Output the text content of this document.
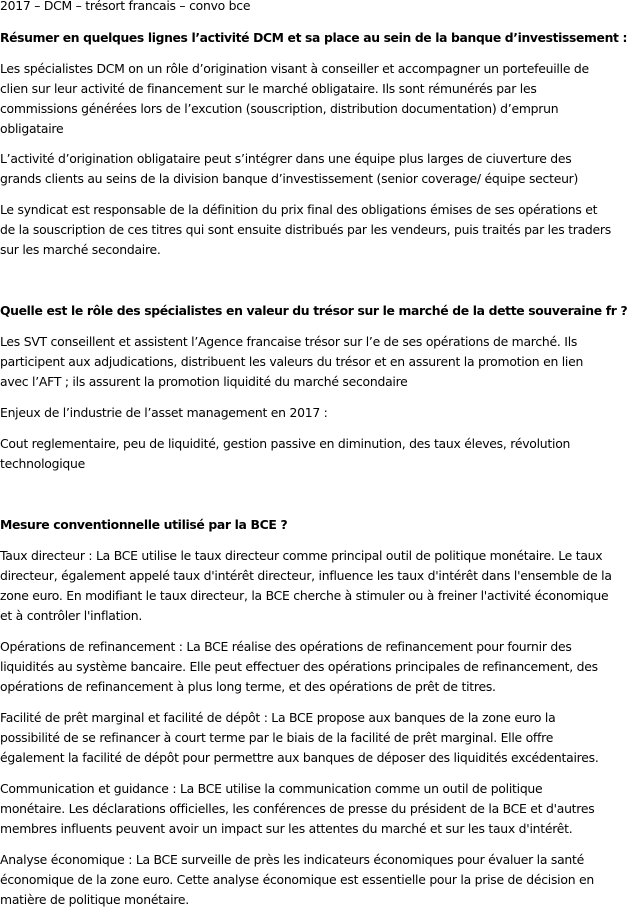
2017 – DCM – trésort francais – convo bce
Résumer en quelques lignes l’activité DCM et sa place au sein de la banque d’investissement :
Les spécialistes DCM on un rôle d’origination visant à conseiller et accompagner un portefeuille de
clien sur leur activité de financement sur le marché obligataire. Ils sont rémunérés par les
commissions générées lors de l’excution (souscription, distribution documentation) d’emprun
obligataire
L’activité d’origination obligataire peut s’intégrer dans une équipe plus larges de ciuverture des
grands clients au seins de la division banque d’investissement (senior coverage/ équipe secteur)
Le syndicat est responsable de la définition du prix final des obligations émises de ses opérations et
de la souscription de ces titres qui sont ensuite distribués par les vendeurs, puis traités par les traders
sur les marché secondaire.
Quelle est le rôle des spécialistes en valeur du trésor sur le marché de la dette souveraine fr ?
Les SVT conseillent et assistent l’Agence francaise trésor sur l’e de ses opérations de marché. Ils
participent aux adjudications, distribuent les valeurs du trésor et en assurent la promotion en lien
avec l’AFT ; ils assurent la promotion liquidité du marché secondaire
Enjeux de l’industrie de l’asset management en 2017 :
Cout reglementaire, peu de liquidité, gestion passive en diminution, des taux éleves, révolution
technologique
Mesure conventionnelle utilisé par la BCE ?
Taux directeur : La BCE utilise le taux directeur comme principal outil de politique monétaire. Le taux
directeur, également appelé taux d'intérêt directeur, influence les taux d'intérêt dans l'ensemble de la
zone euro. En modifiant le taux directeur, la BCE cherche à stimuler ou à freiner l'activité économique
et à contrôler l'inflation.
Opérations de refinancement : La BCE réalise des opérations de refinancement pour fournir des
liquidités au système bancaire. Elle peut effectuer des opérations principales de refinancement, des
opérations de refinancement à plus long terme, et des opérations de prêt de titres.
Facilité de prêt marginal et facilité de dépôt : La BCE propose aux banques de la zone euro la
possibilité de se refinancer à court terme par le biais de la facilité de prêt marginal. Elle offre
également la facilité de dépôt pour permettre aux banques de déposer des liquidités excédentaires.
Communication et guidance : La BCE utilise la communication comme un outil de politique
monétaire. Les déclarations officielles, les conférences de presse du président de la BCE et d'autres
membres influents peuvent avoir un impact sur les attentes du marché et sur les taux d'intérêt.
Analyse économique : La BCE surveille de près les indicateurs économiques pour évaluer la santé
économique de la zone euro. Cette analyse économique est essentielle pour la prise de décision en
matière de politique monétaire.
